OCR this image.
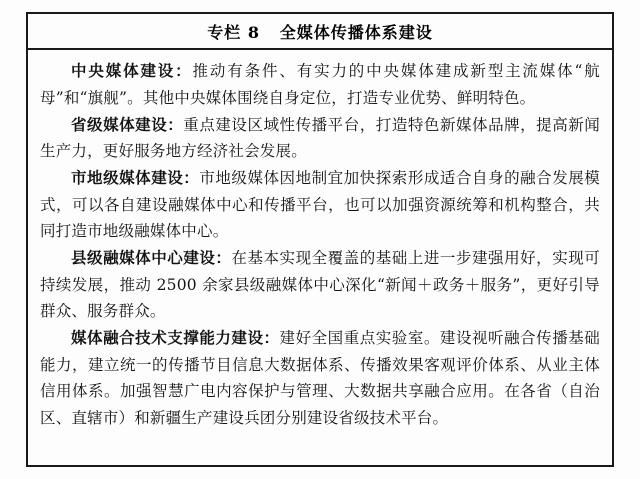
专栏 8   全媒体传播体系建设

中央媒体建设：推动有条件、有实力的中央媒体建成新型主流媒体“航母”和“旗舰”。其他中央媒体围绕自身定位，打造专业优势、鲜明特色。

省级媒体建设：重点建设区域性传播平台，打造特色新媒体品牌，提高新闻生产力，更好服务地方经济社会发展。

市地级媒体建设：市地级媒体因地制宜加快探索形成适合自身的融合发展模式，可以各自建设融媒体中心和传播平台，也可以加强资源统筹和机构整合，共同打造市地级融媒体中心。

县级融媒体中心建设：在基本实现全覆盖的基础上进一步建强用好，实现可持续发展，推动 2500 余家县级融媒体中心深化“新闻＋政务＋服务”，更好引导群众、服务群众。

媒体融合技术支撑能力建设：建好全国重点实验室。建设视听融合传播基础能力，建立统一的传播节目信息大数据体系、传播效果客观评价体系、从业主体信用体系。加强智慧广电内容保护与管理、大数据共享融合应用。在各省（自治区、直辖市）和新疆生产建设兵团分别建设省级技术平台。
